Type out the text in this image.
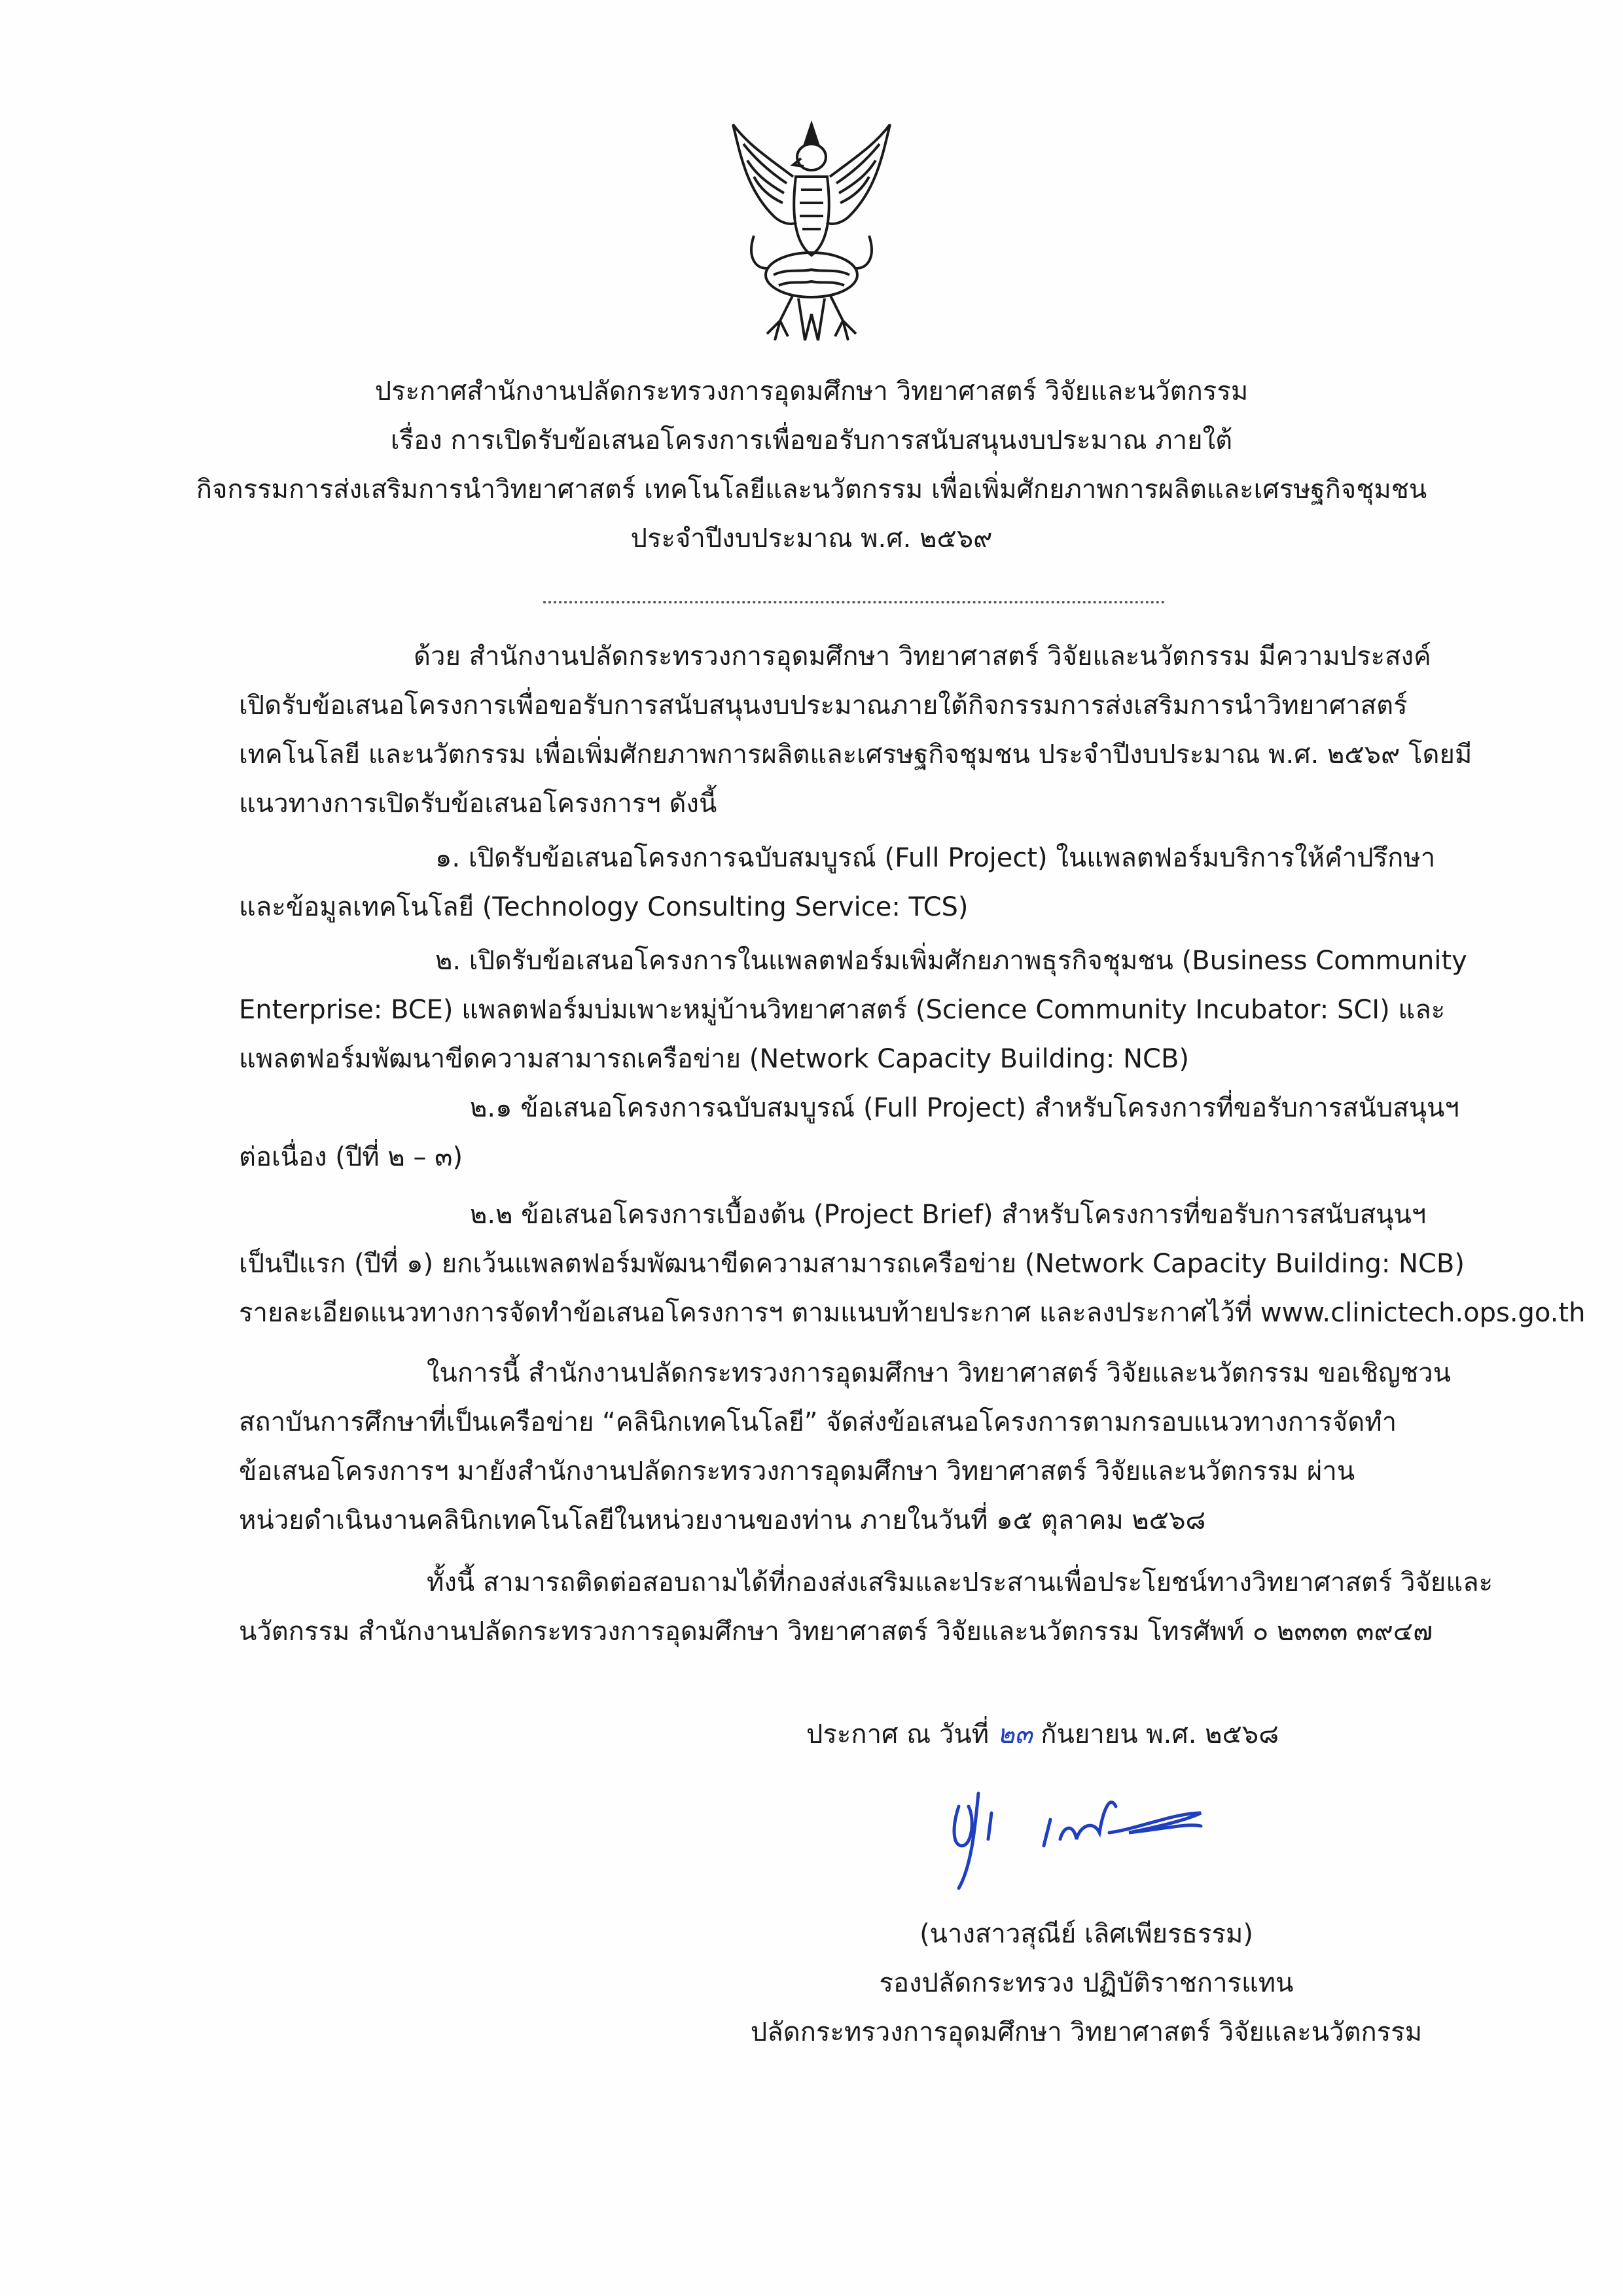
ประกาศสำนักงานปลัดกระทรวงการอุดมศึกษา วิทยาศาสตร์ วิจัยและนวัตกรรม
เรื่อง การเปิดรับข้อเสนอโครงการเพื่อขอรับการสนับสนุนงบประมาณ ภายใต้
กิจกรรมการส่งเสริมการนำวิทยาศาสตร์ เทคโนโลยีและนวัตกรรม เพื่อเพิ่มศักยภาพการผลิตและเศรษฐกิจชุมชน
ประจำปีงบประมาณ พ.ศ. ๒๕๖๙
ด้วย สำนักงานปลัดกระทรวงการอุดมศึกษา วิทยาศาสตร์ วิจัยและนวัตกรรม มีความประสงค์
เปิดรับข้อเสนอโครงการเพื่อขอรับการสนับสนุนงบประมาณภายใต้กิจกรรมการส่งเสริมการนำวิทยาศาสตร์
เทคโนโลยี และนวัตกรรม เพื่อเพิ่มศักยภาพการผลิตและเศรษฐกิจชุมชน ประจำปีงบประมาณ พ.ศ. ๒๕๖๙ โดยมี
แนวทางการเปิดรับข้อเสนอโครงการฯ ดังนี้
๑. เปิดรับข้อเสนอโครงการฉบับสมบูรณ์ (Full Project) ในแพลตฟอร์มบริการให้คำปรึกษา
และข้อมูลเทคโนโลยี (Technology Consulting Service: TCS)
๒. เปิดรับข้อเสนอโครงการในแพลตฟอร์มเพิ่มศักยภาพธุรกิจชุมชน (Business Community
Enterprise: BCE) แพลตฟอร์มบ่มเพาะหมู่บ้านวิทยาศาสตร์ (Science Community Incubator: SCI) และ
แพลตฟอร์มพัฒนาขีดความสามารถเครือข่าย (Network Capacity Building: NCB)
๒.๑ ข้อเสนอโครงการฉบับสมบูรณ์ (Full Project) สำหรับโครงการที่ขอรับการสนับสนุนฯ
ต่อเนื่อง (ปีที่ ๒ – ๓)
๒.๒ ข้อเสนอโครงการเบื้องต้น (Project Brief) สำหรับโครงการที่ขอรับการสนับสนุนฯ
เป็นปีแรก (ปีที่ ๑) ยกเว้นแพลตฟอร์มพัฒนาขีดความสามารถเครือข่าย (Network Capacity Building: NCB)
รายละเอียดแนวทางการจัดทำข้อเสนอโครงการฯ ตามแนบท้ายประกาศ และลงประกาศไว้ที่ www.clinictech.ops.go.th
ในการนี้ สำนักงานปลัดกระทรวงการอุดมศึกษา วิทยาศาสตร์ วิจัยและนวัตกรรม ขอเชิญชวน
สถาบันการศึกษาที่เป็นเครือข่าย “คลินิกเทคโนโลยี” จัดส่งข้อเสนอโครงการตามกรอบแนวทางการจัดทำ
ข้อเสนอโครงการฯ มายังสำนักงานปลัดกระทรวงการอุดมศึกษา วิทยาศาสตร์ วิจัยและนวัตกรรม ผ่าน
หน่วยดำเนินงานคลินิกเทคโนโลยีในหน่วยงานของท่าน ภายในวันที่ ๑๕ ตุลาคม ๒๕๖๘
ทั้งนี้ สามารถติดต่อสอบถามได้ที่กองส่งเสริมและประสานเพื่อประโยชน์ทางวิทยาศาสตร์ วิจัยและ
นวัตกรรม สำนักงานปลัดกระทรวงการอุดมศึกษา วิทยาศาสตร์ วิจัยและนวัตกรรม โทรศัพท์ ๐ ๒๓๓๓ ๓๙๔๗
ประกาศ ณ วันที่ ๒๓ กันยายน พ.ศ. ๒๕๖๘
(นางสาวสุณีย์ เลิศเพียรธรรม)
รองปลัดกระทรวง ปฏิบัติราชการแทน
ปลัดกระทรวงการอุดมศึกษา วิทยาศาสตร์ วิจัยและนวัตกรรม
